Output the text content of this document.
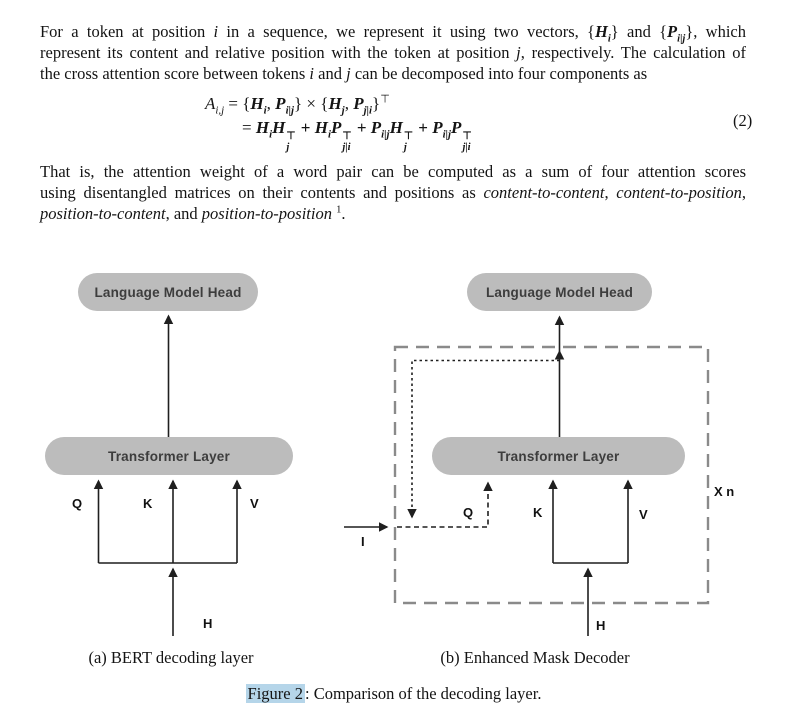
For a token at position i in a sequence, we represent it using two vectors, $\{H_i\}$ and $\{P_{i|j}\}$, which
represent its content and relative position with the token at position j, respectively. The calculation of
the cross attention score between tokens i and j can be decomposed into four components as
$A_{i,j} = \{H_i$, $P_{i|j}\} \times \{H_j$, $P_{j|i}\}^⊤$
= $H_iH$ ⊤
j
+ $H_iP$ ⊤
j|i
+ $P_{i|j}H$ ⊤
j
+ $P_{i|j}P$ ⊤
j|i
(2)
That is, the attention weight of a word pair can be computed as a sum of four attention scores
using disentangled matrices on their contents and positions as content-to-content, content-to-position,
position-to-content, and position-to-position $^1$.
Language Model Head
Transformer Layer
Q	K	V
H
(a) BERT decoding layer
Language Model Head
Transformer Layer
Q	K	V
H
I
X n
(b) Enhanced Mask Decoder
Figure 2 : Comparison of the decoding layer.
